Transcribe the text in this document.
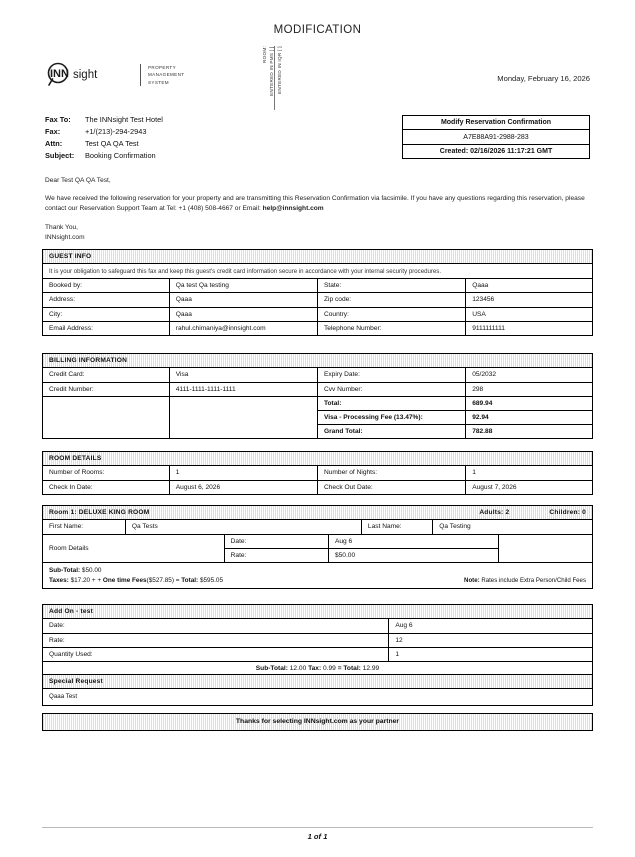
MODIFICATION
INN sight
PROPERTY
MANAGEMENT
SYSTEM
ROOM: ENTERED IN PMS [ ] ENTERED IN IQR [ ]	Monday, February 16, 2026
Fax To:	The INNsight Test Hotel
Fax:	+1/(213)-294-2943
Attn:	Test QA QA Test
Subject:	Booking Confirmation
Modify Reservation Confirmation
A7E88A91-2988-283
Created: 02/16/2026 11:17:21 GMT
Dear Test QA QA Test,
We have received the following reservation for your property and are transmitting this Reservation Confirmation via facsimile. If you have any questions regarding this reservation, please contact our Reservation Support Team at Tel: +1 (408) 508-4667 or Email: help@innsight.com
Thank You,
INNsight.com
GUEST INFO
It is your obligation to safeguard this fax and keep this guest's credit card information secure in accordance with your internal security procedures.
Booked by:	Qa test Qa testing	State:	Qaaa
Address:	Qaaa	Zip code:	123456
City:	Qaaa	Country:	USA
Email Address:	rahul.chimaniya@innsight.com	Telephone Number:	9111111111
BILLING INFORMATION
Credit Card:	Visa	Expiry Date:	05/2032
Credit Number:	4111-1111-1111-1111	Cvv Number:	298
		Total:	689.94
		Visa - Processing Fee (13.47%):	92.94
		Grand Total:	782.88
ROOM DETAILS
Number of Rooms:	1	Number of Nights:	1
Check In Date:	August 6, 2026	Check Out Date:	August 7, 2026
Room 1: DELUXE KING ROOM	Adults: 2	Children: 0
First Name:	Qa Tests	Last Name:	Qa Testing
Room Details	Date:	Aug 6	
	Rate:	$50.00	
Sub-Total: $50.00
Taxes: $17.20 + + One time Fees($527.85) = Total: $595.05	Note: Rates include Extra Person/Child Fees
Add On - test
Date:	Aug 6
Rate:	12
Quantity Used:	1
Sub-Total: 12.00 Tax: 0.99 = Total: 12.99
Special Request
Qaaa Test
Thanks for selecting INNsight.com as your partner
1 of 1
